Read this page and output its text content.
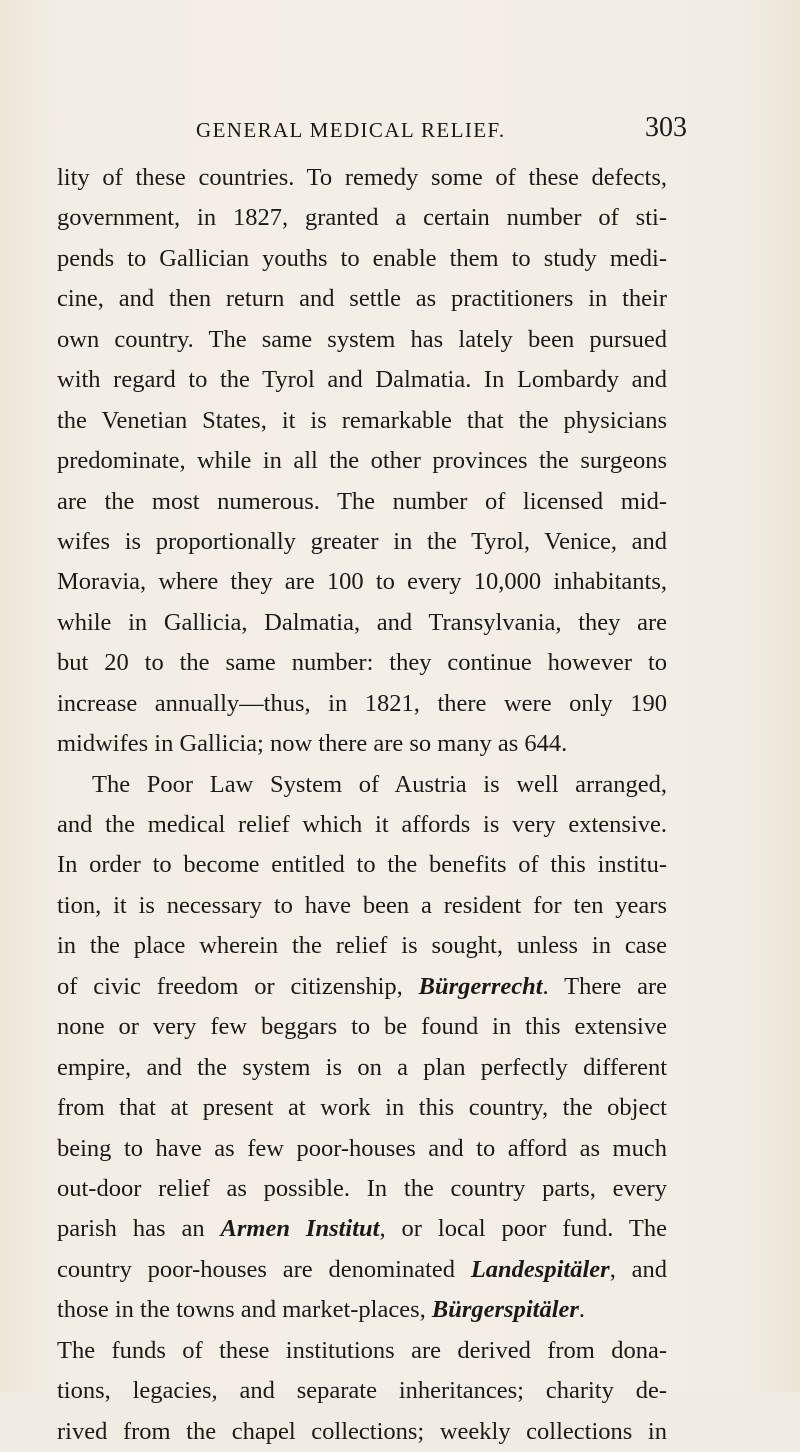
GENERAL MEDICAL RELIEF.	303
lity of these countries. To remedy some of these defects,
government, in 1827, granted a certain number of sti-
pends to Gallician youths to enable them to study medi-
cine, and then return and settle as practitioners in their
own country. The same system has lately been pursued
with regard to the Tyrol and Dalmatia. In Lombardy and
the Venetian States, it is remarkable that the physicians
predominate, while in all the other provinces the surgeons
are the most numerous. The number of licensed mid-
wifes is proportionally greater in the Tyrol, Venice, and
Moravia, where they are 100 to every 10,000 inhabitants,
while in Gallicia, Dalmatia, and Transylvania, they are
but 20 to the same number: they continue however to
increase annually—thus, in 1821, there were only 190
midwifes in Gallicia; now there are so many as 644.
The Poor Law System of Austria is well arranged,
and the medical relief which it affords is very extensive.
In order to become entitled to the benefits of this institu-
tion, it is necessary to have been a resident for ten years
in the place wherein the relief is sought, unless in case
of civic freedom or citizenship, Bürgerrecht. There are
none or very few beggars to be found in this extensive
empire, and the system is on a plan perfectly different
from that at present at work in this country, the object
being to have as few poor-houses and to afford as much
out-door relief as possible. In the country parts, every
parish has an Armen Institut, or local poor fund. The
country poor-houses are denominated Landespitäler, and
those in the towns and market-places, Bürgerspitäler.
The funds of these institutions are derived from dona-
tions, legacies, and separate inheritances; charity de-
rived from the chapel collections; weekly collections in
